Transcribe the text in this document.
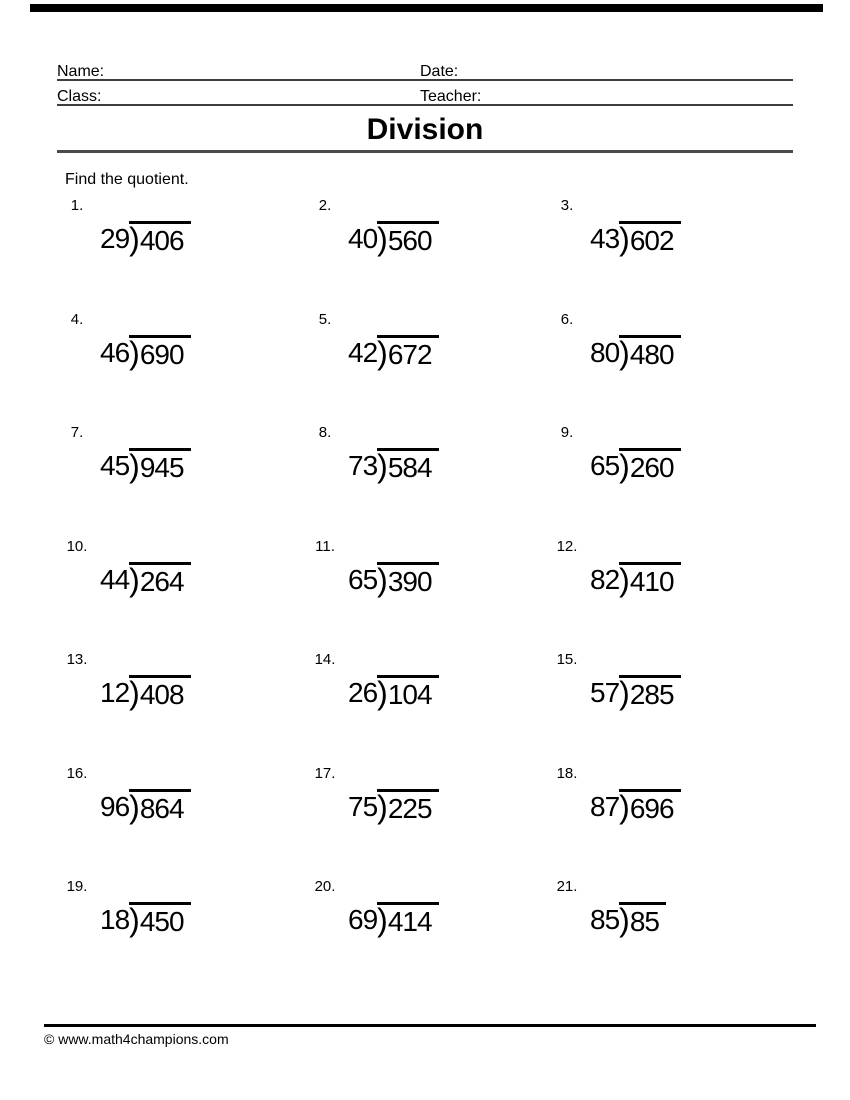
Name:	Date:
Class:	Teacher:
Division
Find the quotient.
1.
29 )406
2.
40 )560
3.
43 )602
4.
46 )690
5.
42 )672
6.
80 )480
7.
45 )945
8.
73 )584
9.
65 )260
10.
44 )264
11.
65 )390
12.
82 )410
13.
12 )408
14.
26 )104
15.
57 )285
16.
96 )864
17.
75 )225
18.
87 )696
19.
18 )450
20.
69 )414
21.
85 )85
© www.math4champions.com
